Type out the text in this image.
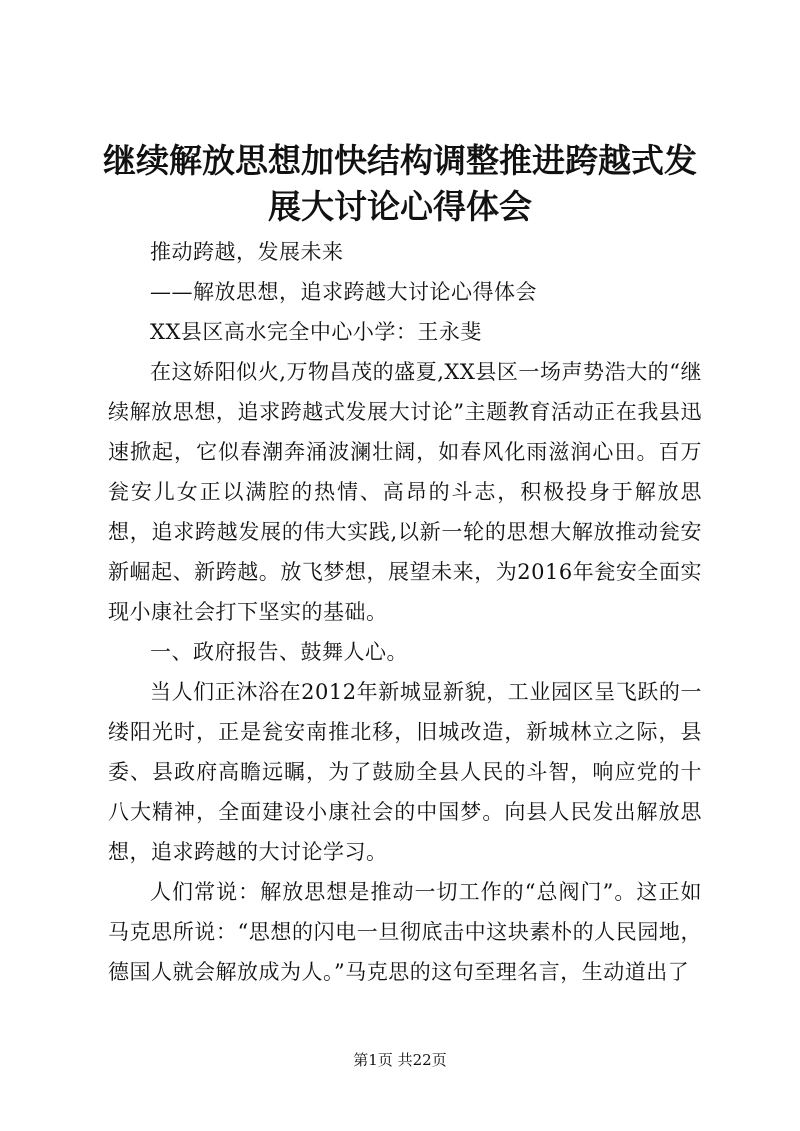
继续解放思想加快结构调整推进跨越式发展大讨论心得体会

推动跨越，发展未来

——解放思想，追求跨越大讨论心得体会

XX县区高水完全中心小学：王永斐

在这娇阳似火,万物昌茂的盛夏,XX县区一场声势浩大的“继续解放思想，追求跨越式发展大讨论”主题教育活动正在我县迅速掀起，它似春潮奔涌波澜壮阔，如春风化雨滋润心田。百万瓮安儿女正以满腔的热情、高昂的斗志，积极投身于解放思想，追求跨越发展的伟大实践,以新一轮的思想大解放推动瓮安新崛起、新跨越。放飞梦想，展望未来，为2016年瓮安全面实现小康社会打下坚实的基础。

一、政府报告、鼓舞人心。

当人们正沐浴在2012年新城显新貌，工业园区呈飞跃的一缕阳光时，正是瓮安南推北移，旧城改造，新城林立之际，县委、县政府高瞻远瞩，为了鼓励全县人民的斗智，响应党的十八大精神，全面建设小康社会的中国梦。向县人民发出解放思想，追求跨越的大讨论学习。

人们常说：解放思想是推动一切工作的“总阀门”。这正如马克思所说：“思想的闪电一旦彻底击中这块素朴的人民园地，德国人就会解放成为人。”马克思的这句至理名言，生动道出了

第1页 共22页
